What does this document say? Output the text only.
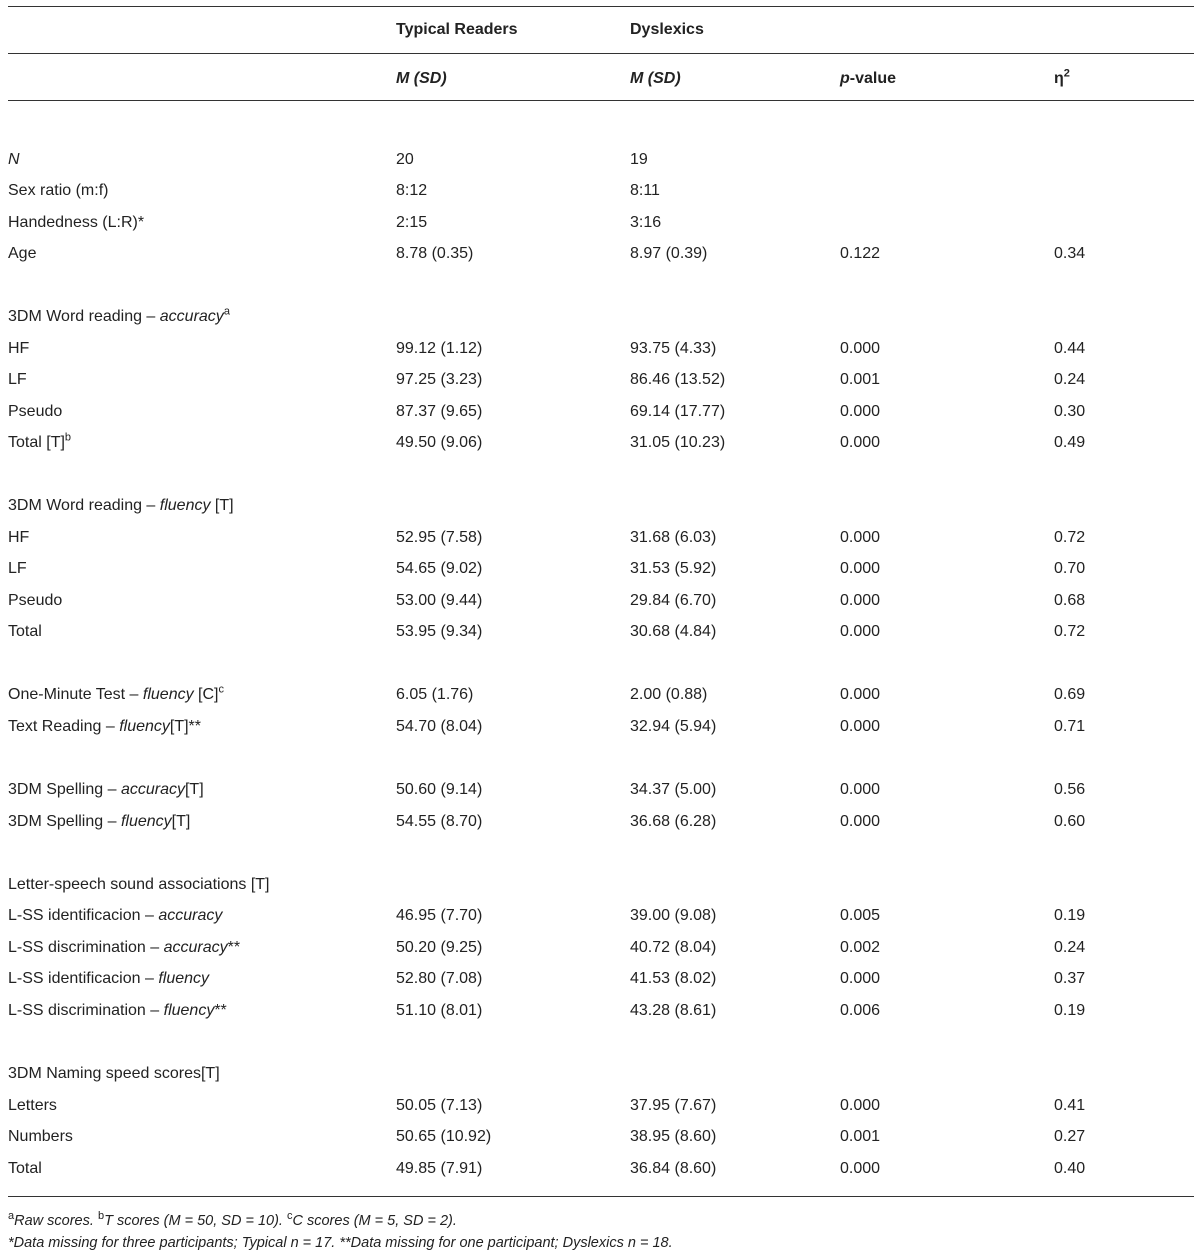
Typical Readers	Dyslexics
M (SD)	M (SD)	p-value	$\eta^2$
N	20	19
Sex ratio (m:f)	8:12	8:11
Handedness (L:R)*	2:15	3:16
Age	8.78 (0.35)	8.97 (0.39)	0.122	0.34
3DM Word reading – accuracy$^a$
HF	99.12 (1.12)	93.75 (4.33)	0.000	0.44
LF	97.25 (3.23)	86.46 (13.52)	0.001	0.24
Pseudo	87.37 (9.65)	69.14 (17.77)	0.000	0.30
Total $[T]^b$	49.50 (9.06)	31.05 (10.23)	0.000	0.49
3DM Word reading – fluency [T]
HF	52.95 (7.58)	31.68 (6.03)	0.000	0.72
LF	54.65 (9.02)	31.53 (5.92)	0.000	0.70
Pseudo	53.00 (9.44)	29.84 (6.70)	0.000	0.68
Total	53.95 (9.34)	30.68 (4.84)	0.000	0.72
One-Minute Test – fluency $[C]^c$	6.05 (1.76)	2.00 (0.88)	0.000	0.69
Text Reading – fluency[T]**	54.70 (8.04)	32.94 (5.94)	0.000	0.71
3DM Spelling – accuracy[T]	50.60 (9.14)	34.37 (5.00)	0.000	0.56
3DM Spelling – fluency[T]	54.55 (8.70)	36.68 (6.28)	0.000	0.60
Letter-speech sound associations [T]
L-SS identificacion – accuracy	46.95 (7.70)	39.00 (9.08)	0.005	0.19
L-SS discrimination – accuracy**	50.20 (9.25)	40.72 (8.04)	0.002	0.24
L-SS identificacion – fluency	52.80 (7.08)	41.53 (8.02)	0.000	0.37
L-SS discrimination – fluency**	51.10 (8.01)	43.28 (8.61)	0.006	0.19
3DM Naming speed scores[T]
Letters	50.05 (7.13)	37.95 (7.67)	0.000	0.41
Numbers	50.65 (10.92)	38.95 (8.60)	0.001	0.27
Total	49.85 (7.91)	36.84 (8.60)	0.000	0.40
$^a$Raw scores. $^b$T scores (M = 50, SD = 10). $^c$C scores (M = 5, SD = 2).
*Data missing for three participants; Typical n = 17. **Data missing for one participant; Dyslexics n = 18.
